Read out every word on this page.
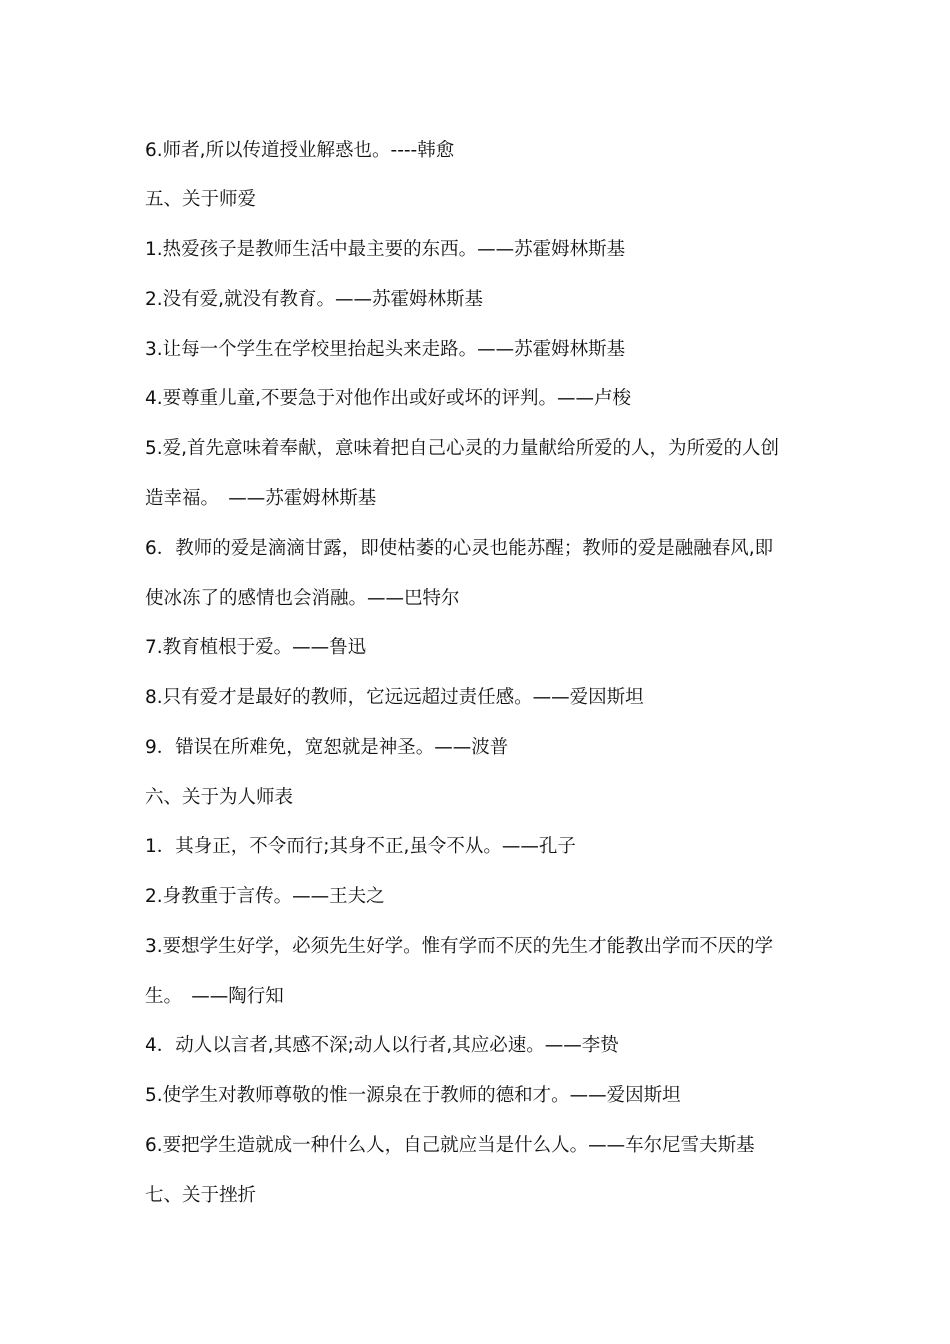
6.师者,所以传道授业解惑也。----韩愈
五、关于师爱
1.热爱孩子是教师生活中最主要的东西。——苏霍姆林斯基
2.没有爱,就没有教育。——苏霍姆林斯基
3.让每一个学生在学校里抬起头来走路。——苏霍姆林斯基
4.要尊重儿童,不要急于对他作出或好或坏的评判。——卢梭
5.爱,首先意味着奉献，意味着把自己心灵的力量献给所爱的人，为所爱的人创
造幸福。　——苏霍姆林斯基
6．教师的爱是滴滴甘露，即使枯萎的心灵也能苏醒；教师的爱是融融春风,即
使冰冻了的感情也会消融。——巴特尔
7.教育植根于爱。——鲁迅
8.只有爱才是最好的教师，它远远超过责任感。——爱因斯坦
9．错误在所难免，宽恕就是神圣。——波普
六、关于为人师表
1．其身正，不令而行;其身不正,虽令不从。——孔子
2.身教重于言传。——王夫之
3.要想学生好学，必须先生好学。惟有学而不厌的先生才能教出学而不厌的学
生。　——陶行知
4．动人以言者,其感不深;动人以行者,其应必速。——李贽
5.使学生对教师尊敬的惟一源泉在于教师的德和才。——爱因斯坦
6.要把学生造就成一种什么人，自己就应当是什么人。——车尔尼雪夫斯基
七、关于挫折
